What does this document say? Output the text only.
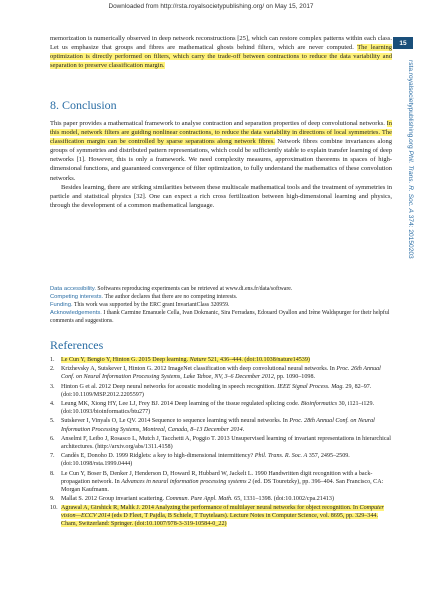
Downloaded from http://rsta.royalsocietypublishing.org/ on May 15, 2017
15
rsta.royalsocietypublishing.org Phil. Trans. R. Soc. A 374: 20150203

memorization is numerically observed in deep network reconstructions [25], which can restore complex patterns within each class. Let us emphasize that groups and fibres are mathematical ghosts behind filters, which are never computed. The learning optimization is directly performed on filters, which carry the trade-off between contractions to reduce the data variability and separation to preserve classification margin.

8. Conclusion

This paper provides a mathematical framework to analyse contraction and separation properties of deep convolutional networks. In this model, network filters are guiding nonlinear contractions, to reduce the data variability in directions of local symmetries. The classification margin can be controlled by sparse separations along network fibres. Network fibres combine invariances along groups of symmetries and distributed pattern representations, which could be sufficiently stable to explain transfer learning of deep networks [1]. However, this is only a framework. We need complexity measures, approximation theorems in spaces of high-dimensional functions, and guaranteed convergence of filter optimization, to fully understand the mathematics of these convolution networks.

Besides learning, there are striking similarities between these multiscale mathematical tools and the treatment of symmetries in particle and statistical physics [32]. One can expect a rich cross fertilization between high-dimensional learning and physics, through the development of a common mathematical language.

Data accessibility. Softwares reproducing experiments can be retrieved at www.di.ens.fr/data/software.

Competing interests. The author declares that there are no competing interests.

Funding. This work was supported by the ERC grant InvariantClass 320959.

Acknowledgements. I thank Carmine Emanuele Cella, Ivan Dokmanic, Sira Ferradans, Edouard Oyallon and Irène Waldspurger for their helpful comments and suggestions.

References
1. Le Cun Y, Bengio Y, Hinton G. 2015 Deep learning. Nature 521, 436–444. (doi:10.1038/nature14539)
2. Krizhevsky A, Sutskever I, Hinton G. 2012 ImageNet classification with deep convolutional neural networks. In Proc. 26th Annual Conf. on Neural Information Processing Systems, Lake Tahoe, NV, 3–6 December 2012, pp. 1090–1098.
3. Hinton G et al. 2012 Deep neural networks for acoustic modeling in speech recognition. IEEE Signal Process. Mag. 29, 82–97. (doi:10.1109/MSP.2012.2205597)
4. Leung MK, Xiong HY, Lee LJ, Frey BJ. 2014 Deep learning of the tissue regulated splicing code. Bioinformatics 30, i121–i129. (doi:10.1093/bioinformatics/btu277)
5. Sutskever I, Vinyals O, Le QV. 2014 Sequence to sequence learning with neural networks. In Proc. 28th Annual Conf. on Neural Information Processing Systems, Montreal, Canada, 8–13 December 2014.
6. Anselmi F, Leibo J, Rosasco L, Mutch J, Tacchetti A, Poggio T. 2013 Unsupervised learning of invariant representations in hierarchical architectures. (http://arxiv.org/abs/1311.4158)
7. Candès E, Donoho D. 1999 Ridglets: a key to high-dimensional intermittency? Phil. Trans. R. Soc. A 357, 2495–2509. (doi:10.1098/rsta.1999.0444)
8. Le Cun Y, Boser B, Denker J, Henderson D, Howard R, Hubbard W, Jackelt L. 1990 Handwritten digit recognition with a back-propagation network. In Advances in neural information processing systems 2 (ed. DS Touretzky), pp. 396–404. San Francisco, CA: Morgan Kaufmann.
9. Mallat S. 2012 Group invariant scattering. Commun. Pure Appl. Math. 65, 1331–1398. (doi:10.1002/cpa.21413)
10. Agrawal A, Girshick R, Malik J. 2014 Analyzing the performance of multilayer neural networks for object recognition. In Computer vision—ECCV 2014 (eds D Fleet, T Pajdla, B Schiele, T Tuytelaars). Lecture Notes in Computer Science, vol. 8695, pp. 329–344. Cham, Switzerland: Springer. (doi:10.1007/978-3-319-10584-0_22)
